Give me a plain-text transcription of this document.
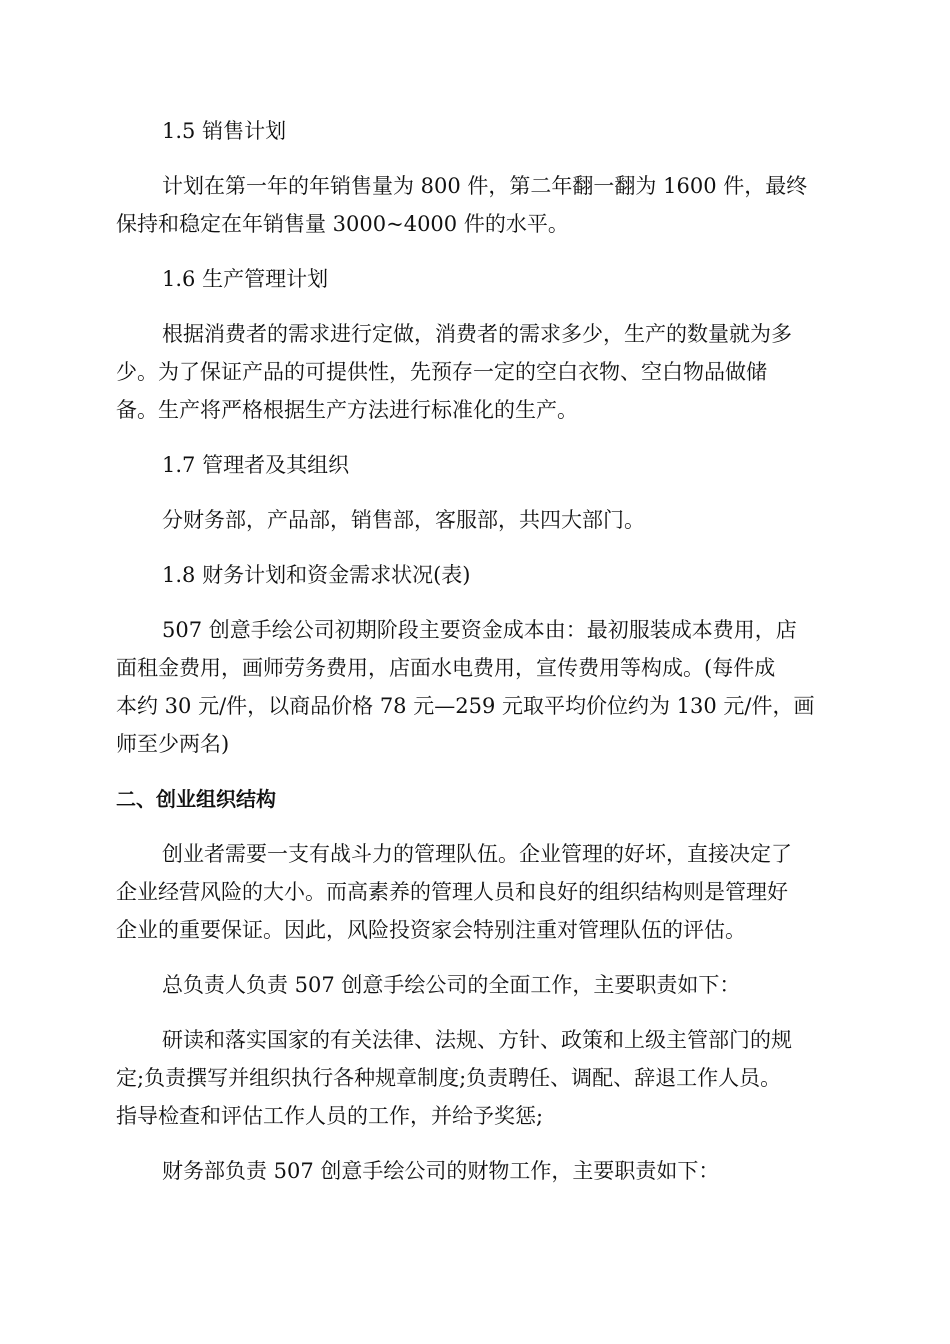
1.5 销售计划
计划在第一年的年销售量为 800 件，第二年翻一翻为 1600 件，最终
保持和稳定在年销售量 3000~4000 件的水平。
1.6 生产管理计划
根据消费者的需求进行定做，消费者的需求多少，生产的数量就为多
少。为了保证产品的可提供性，先预存一定的空白衣物、空白物品做储
备。生产将严格根据生产方法进行标准化的生产。
1.7 管理者及其组织
分财务部，产品部，销售部，客服部，共四大部门。
1.8 财务计划和资金需求状况(表)
507 创意手绘公司初期阶段主要资金成本由：最初服装成本费用，店
面租金费用，画师劳务费用，店面水电费用，宣传费用等构成。(每件成
本约 30 元/件，以商品价格 78 元—259 元取平均价位约为 130 元/件，画
师至少两名)
二、创业组织结构
创业者需要一支有战斗力的管理队伍。企业管理的好坏，直接决定了
企业经营风险的大小。而高素养的管理人员和良好的组织结构则是管理好
企业的重要保证。因此，风险投资家会特别注重对管理队伍的评估。
总负责人负责 507 创意手绘公司的全面工作，主要职责如下：
研读和落实国家的有关法律、法规、方针、政策和上级主管部门的规
定;负责撰写并组织执行各种规章制度;负责聘任、调配、辞退工作人员。
指导检查和评估工作人员的工作，并给予奖惩;
财务部负责 507 创意手绘公司的财物工作，主要职责如下：
